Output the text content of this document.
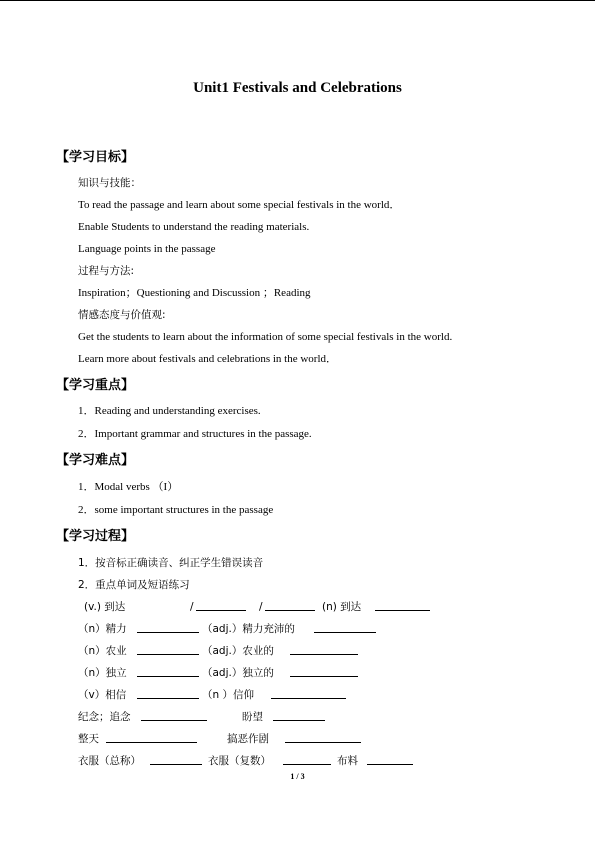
Unit1 Festivals and Celebrations
【学习目标】
知识与技能：
To read the passage and learn about some special festivals in the world．
Enable Students to understand the reading materials.
Language points in the passage
过程与方法:
Inspiration；Questioning and Discussion ；Reading
情感态度与价值观:
Get the students to learn about the information of some special festivals in the world.
Learn more about festivals and celebrations in the world．
【学习重点】
1．Reading and understanding exercises.
2．Important grammar and structures in the passage.
【学习难点】
1．Modal verbs （I）
2．some important structures in the passage
【学习过程】
1．按音标正确读音、纠正学生错误读音
2．重点单词及短语练习
(v.) 到达	/	/	(n) 到达
（n）精力	（adj.）精力充沛的
（n）农业	（adj.）农业的
（n）独立	（adj.）独立的
（v）相信	（n ）信仰
纪念；追念	盼望
整天	搞恶作剧
衣服（总称）	衣服（复数）	布料
1 / 3
